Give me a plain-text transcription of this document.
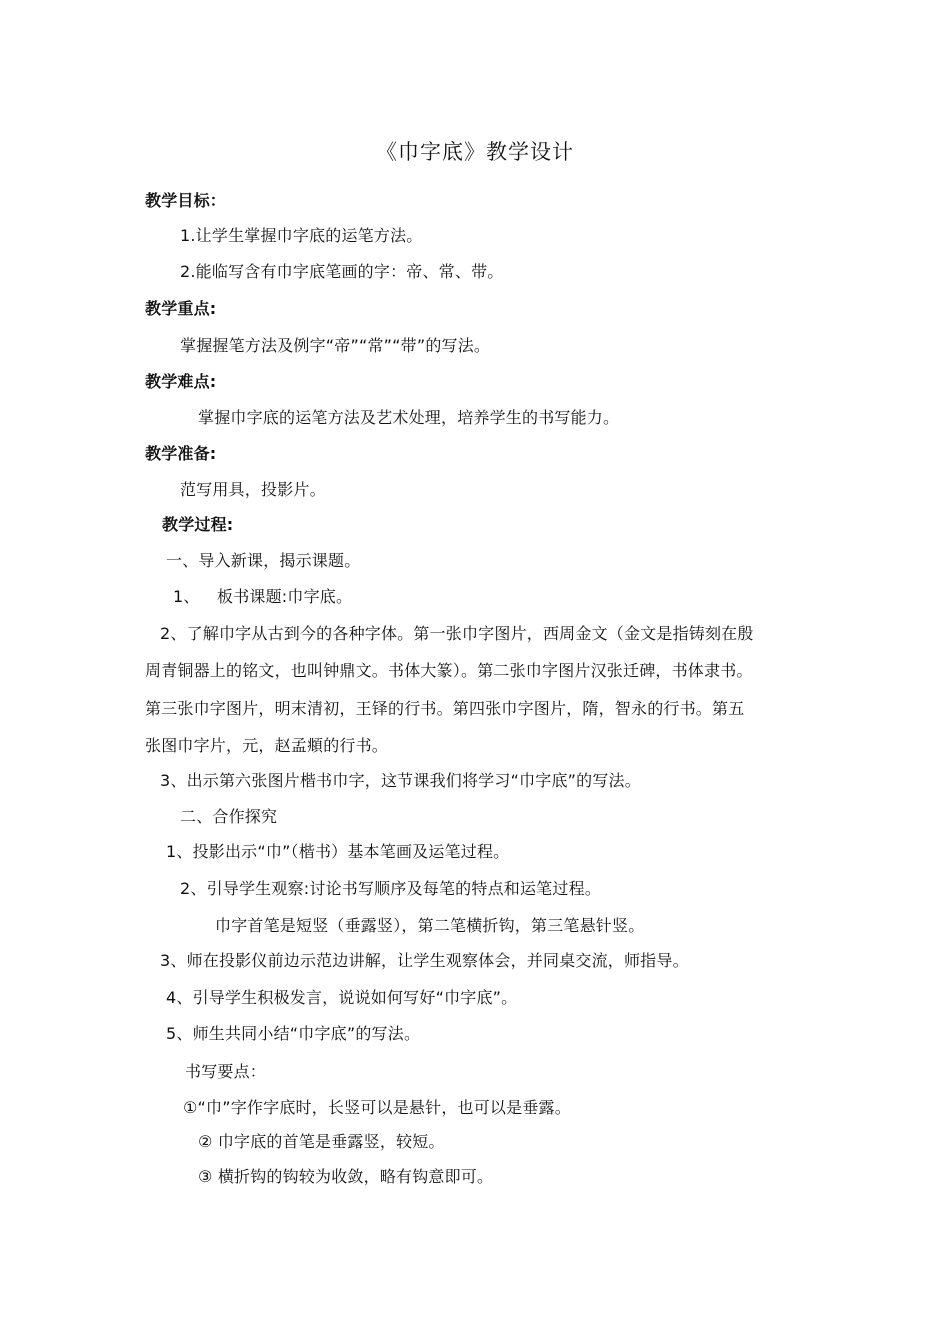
《巾字底》教学设计
教学目标：
1.让学生掌握巾字底的运笔方法。
2.能临写含有巾字底笔画的字：帝、常、带。
教学重点:
掌握握笔方法及例字“帝”“常”“带”的写法。
教学难点:
掌握巾字底的运笔方法及艺术处理，培养学生的书写能力。
教学准备:
范写用具，投影片。
教学过程:
一、导入新课，揭示课题。
1、 板书课题:巾字底。
2、了解巾字从古到今的各种字体。第一张巾字图片，西周金文（金文是指铸刻在殷
周青铜器上的铭文，也叫钟鼎文。书体大篆）。第二张巾字图片汉张迁碑，书体隶书。
第三张巾字图片，明末清初，王铎的行书。第四张巾字图片，隋，智永的行书。第五
张图巾字片，元，赵孟頫的行书。
3、出示第六张图片楷书巾字，这节课我们将学习“巾字底”的写法。
二、合作探究
1、投影出示“巾”（楷书）基本笔画及运笔过程。
2、引导学生观察:讨论书写顺序及每笔的特点和运笔过程。
巾字首笔是短竖（垂露竖），第二笔横折钩，第三笔悬针竖。
3、师在投影仪前边示范边讲解，让学生观察体会，并同桌交流，师指导。
4、引导学生积极发言，说说如何写好“巾字底”。
5、师生共同小结“巾字底”的写法。
书写要点：
①“巾”字作字底时，长竖可以是悬针，也可以是垂露。
② 巾字底的首笔是垂露竖，较短。
③ 横折钩的钩较为收敛，略有钩意即可。
